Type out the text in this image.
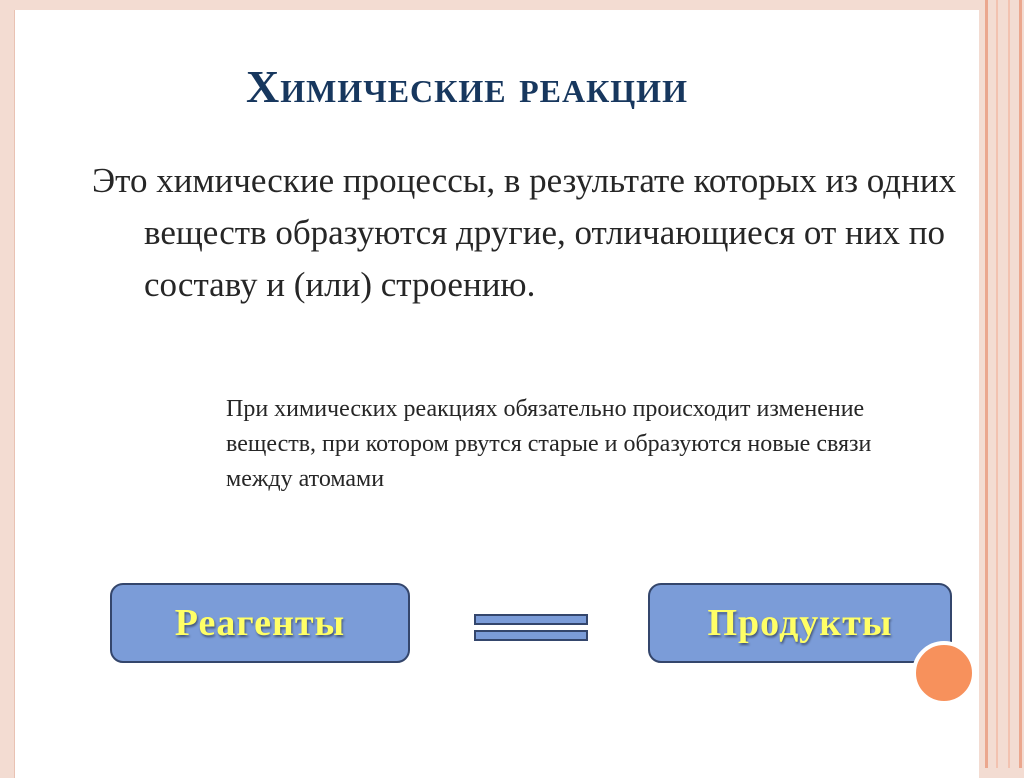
Химические реакции

Это химические процессы, в результате которых из одних веществ образуются другие, отличающиеся от них по составу и (или) строению.

При химических реакциях обязательно происходит изменение веществ, при котором рвутся старые и образуются новые связи между атомами

Реагенты	Продукты
